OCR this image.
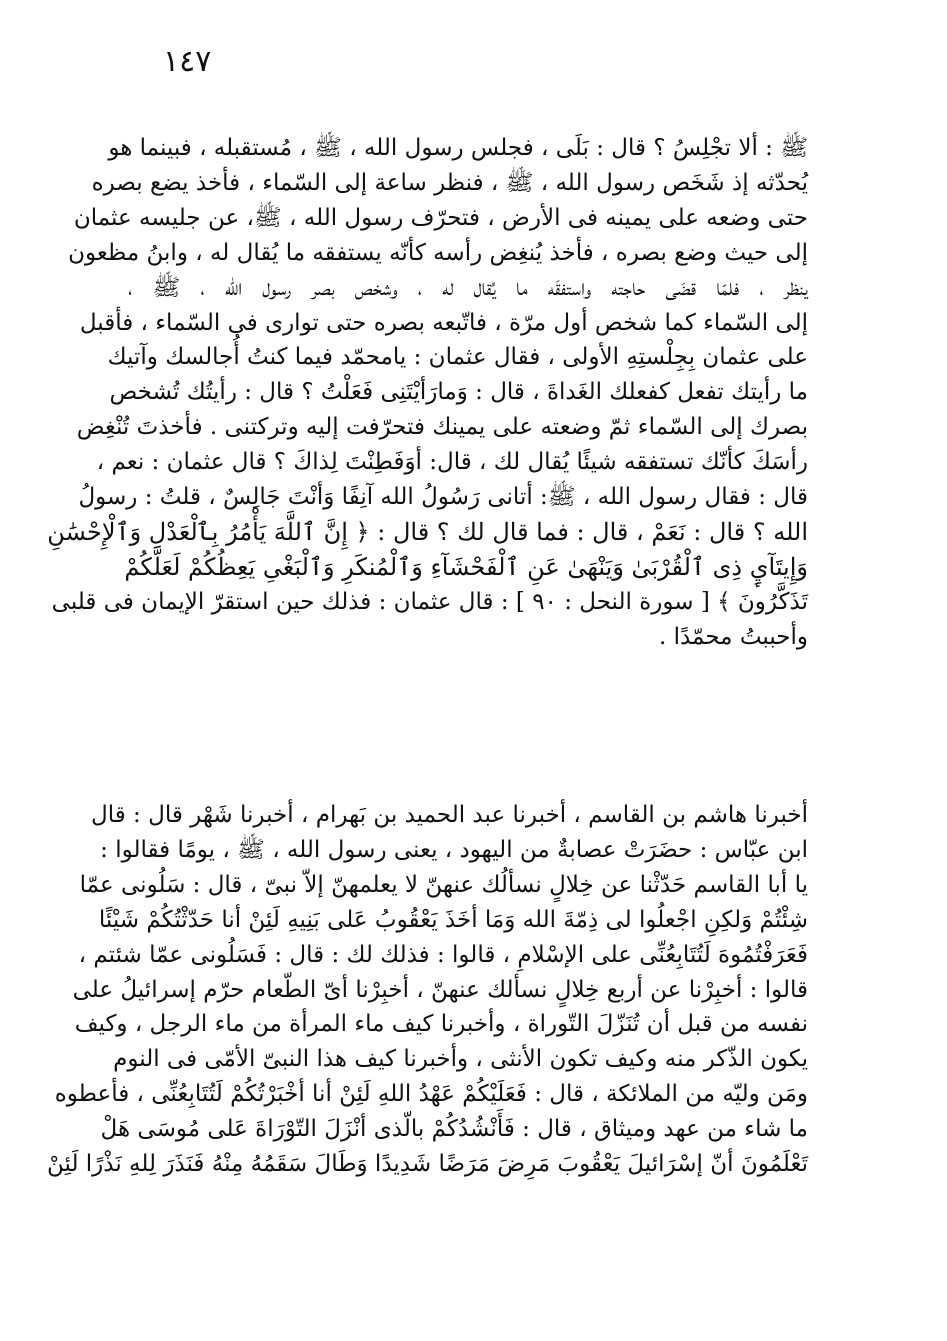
١٤٧
ﷺ : ألا تجْلِسُ ؟ قال : بَلَى ، فجلس رسول الله ، ﷺ ، مُستقبله ، فبينما هو
يُحدّثه إذ شَخَص رسول الله ، ﷺ ، فنظر ساعة إلى السّماء ، فأخذ يضع بصره
حتى وضعه على يمينه فى الأرض ، فتحرّف رسول الله ، ﷺ، عن جليسه عثمان
إلى حيث وضع بصره ، فأخذ يُنغِض رأسه كأنّه يستفقه ما يُقال له ، وابنُ مظعون
ينظر ، فلمّا قضَى حاجته واستفقَه ما يُقال له ، وشخص بصر رسول الله ، ﷺ ،
إلى السّماء كما شخص أول مرّة ، فاتّبعه بصره حتى توارى فى السّماء ، فأقبل
على عثمان بِجِلْستِهِ الأولى ، فقال عثمان : يامحمّد فيما كنتُ أُجالسك وآتيك
ما رأيتك تفعل كفعلك الغَداةَ ، قال : وَمارَأيْتَنِى فَعَلْتُ ؟ قال : رأيتُك تُشخص
بصرك إلى السّماء ثمّ وضعته على يمينك فتحرّفت إليه وتركتنى . فأخذتَ تُنْغِض
رأسَكَ كأنّك تستفقه شيئًا يُقال لك ، قال: أوَفَطِنْتَ لِذاكَ ؟ قال عثمان : نعم ،
قال : فقال رسول الله ، ﷺ: أتانى رَسُولُ الله آنِفًا وَأنْتَ جَالِسٌ ، قلتُ : رسولُ
الله ؟ قال : نَعَمْ ، قال : فما قال لك ؟ قال : ﴿ إِنَّ ٱللَّهَ يَأْمُرُ بِٱلْعَدْلِ وَٱلْإِحْسَٰنِ
وَإِيتَآيِٕ ذِى ٱلْقُرْبَىٰ وَيَنْهَىٰ عَنِ ٱلْفَحْشَآءِ وَٱلْمُنكَرِ وَٱلْبَغْىِ يَعِظُكُمْ لَعَلَّكُمْ
تَذَكَّرُونَ ﴾ [ سورة النحل : ٩٠ ] : قال عثمان : فذلك حين استقرّ الإيمان فى قلبى
وأحببتُ محمّدًا .
أخبرنا هاشم بن القاسم ، أخبرنا عبد الحميد بن بَهرام ، أخبرنا شَهْر قال : قال
ابن عبّاس : حضَرَتْ عصابةٌ من اليهود ، يعنى رسول الله ، ﷺ ، يومًا فقالوا :
يا أبا القاسم حَدّثْنا عن خِلالٍ نسألُك عنهنّ لا يعلمهنّ إلاّ نبىّ ، قال : سَلُونى عمّا
شِئْتُمْ وَلكِنِ اجْعلُوا لى ذِمّةَ الله وَمَا أخَذَ يَعْقُوبُ عَلى بَنِيهِ لَئِنْ أنا حَدّثْتُكُمْ شَيْئًا
فَعَرَفْتُمُوهَ لَتُتَابِعُنِّى على الإسْلامِ ، قالوا : فذلك لك : قال : فَسَلُونى عمّا شئتم ،
قالوا : أخبِرْنا عن أربع خِلالٍ نسألك عنهنّ ، أخبِرْنا أىّ الطّعام حرّم إسرائيلُ على
نفسه من قبل أن تُنَزّلَ التّوراة ، وأخبرنا كيف ماء المرأة من ماء الرجل ، وكيف
يكون الذّكر منه وكيف تكون الأنثى ، وأخبرنا كيف هذا النبىّ الأمّى فى النوم
ومَن وليّه من الملائكة ، قال : فَعَلَيْكُمْ عَهْدُ اللهِ لَئِنْ أنا أخْبَرْتُكُمْ لَتُتَابِعُنِّى ، فأعطوه
ما شاء من عهد وميثاق ، قال : فَأَنْشُدُكُمْ بالّذى أنْزَلَ التّوْرَاةَ عَلى مُوسَى هَلْ
تَعْلَمُونَ أنّ إسْرَائيلَ يَعْقُوبَ مَرِضَ مَرَضًا شَدِيدًا وَطَالَ سَقَمُهُ مِنْهُ فَنَذَرَ لِلهِ نَذْرًا لَئِنْ
